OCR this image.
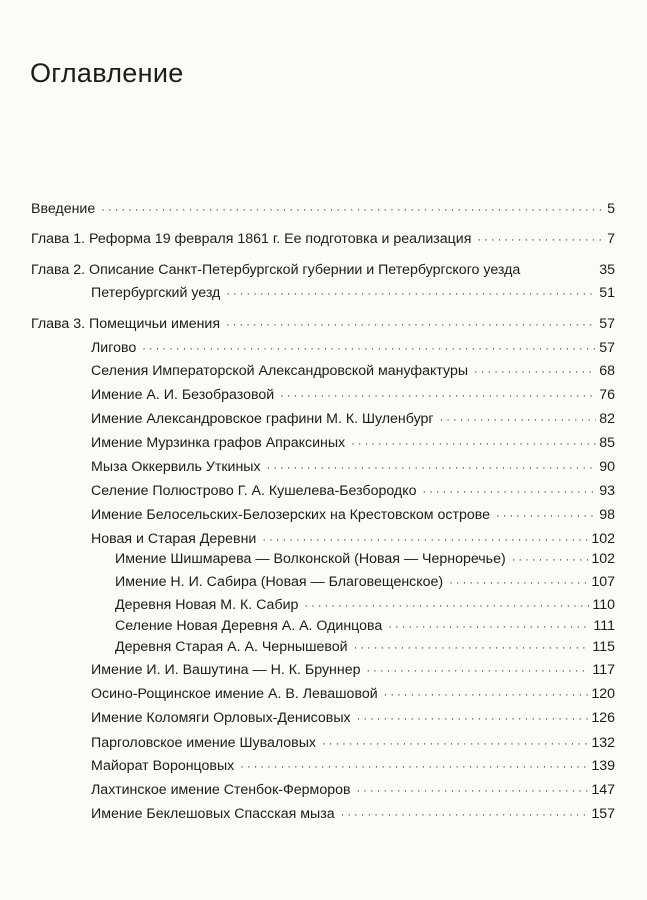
Оглавление
Введение · · ·	5
Глава 1. Реформа 19 февраля 1861 г. Ее подготовка и реализация · · ·	7
Глава 2. Описание Санкт-Петербургской губернии и Петербургского уезда	35
Петербургский уезд · · ·	51
Глава 3. Помещичьи имения · · ·	57
Лигово · · ·	57
Селения Императорской Александровской мануфактуры · · ·	68
Имение А. И. Безобразовой · · ·	76
Имение Александровское графини М. К. Шуленбург · · ·	82
Имение Мурзинка графов Апраксиных · · ·	85
Мыза Оккервиль Уткиных · · ·	90
Селение Полюстрово Г. А. Кушелева-Безбородко · · ·	93
Имение Белосельских-Белозерских на Крестовском острове · · ·	98
Новая и Старая Деревни · · ·	102
Имение Шишмарева — Волконской (Новая — Черноречье) · · ·	102
Имение Н. И. Сабира (Новая — Благовещенское) · · ·	107
Деревня Новая М. К. Сабир · · ·	110
Селение Новая Деревня А. А. Одинцова · · ·	111
Деревня Старая А. А. Чернышевой · · ·	115
Имение И. И. Вашутина — Н. К. Бруннер · · ·	117
Осино-Рощинское имение А. В. Левашовой · · ·	120
Имение Коломяги Орловых-Денисовых · · ·	126
Парголовское имение Шуваловых · · ·	132
Майорат Воронцовых · · ·	139
Лахтинское имение Стенбок-Ферморов · · ·	147
Имение Беклешовых Спасская мыза · · ·	157
